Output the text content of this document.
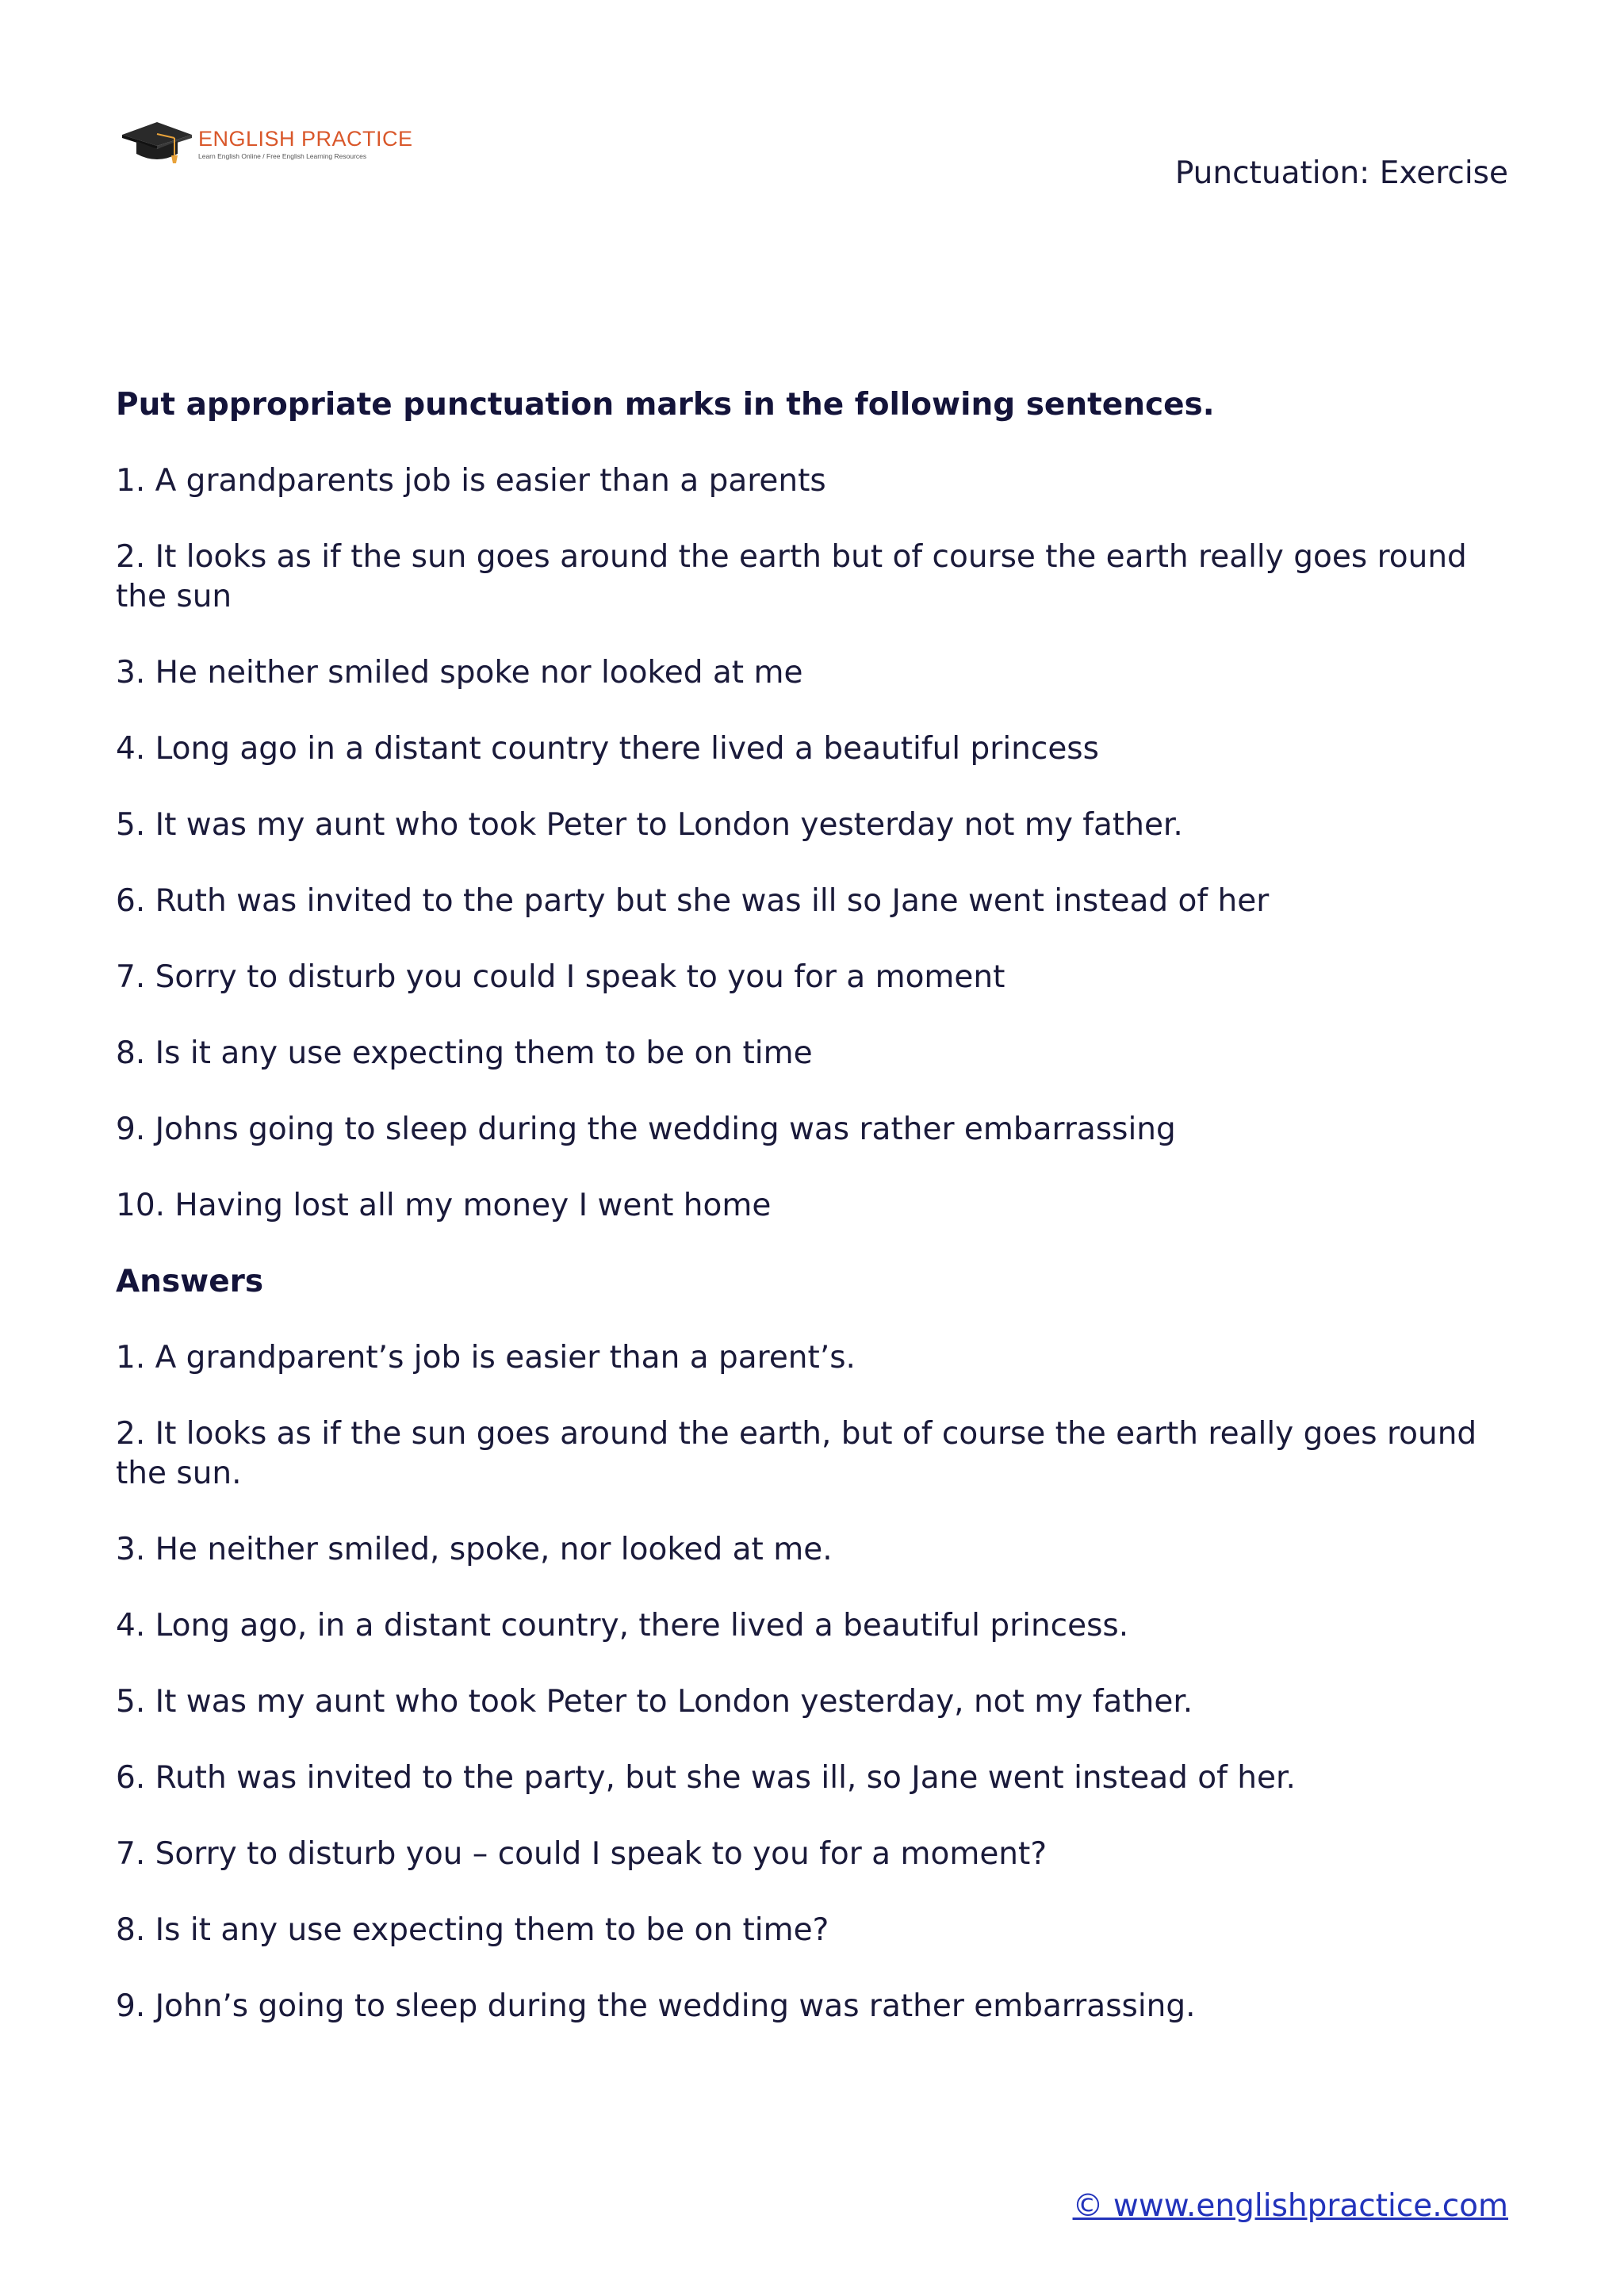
ENGLISH PRACTICE
Learn English Online / Free English Learning Resources	Punctuation: Exercise

Put appropriate punctuation marks in the following sentences.

1. A grandparents job is easier than a parents

2. It looks as if the sun goes around the earth but of course the earth really goes round the sun

3. He neither smiled spoke nor looked at me

4. Long ago in a distant country there lived a beautiful princess

5. It was my aunt who took Peter to London yesterday not my father.

6. Ruth was invited to the party but she was ill so Jane went instead of her

7. Sorry to disturb you could I speak to you for a moment

8. Is it any use expecting them to be on time

9. Johns going to sleep during the wedding was rather embarrassing

10. Having lost all my money I went home

Answers

1. A grandparent’s job is easier than a parent’s.

2. It looks as if the sun goes around the earth, but of course the earth really goes round the sun.

3. He neither smiled, spoke, nor looked at me.

4. Long ago, in a distant country, there lived a beautiful princess.

5. It was my aunt who took Peter to London yesterday, not my father.

6. Ruth was invited to the party, but she was ill, so Jane went instead of her.

7. Sorry to disturb you – could I speak to you for a moment?

8. Is it any use expecting them to be on time?

9. John’s going to sleep during the wedding was rather embarrassing.

© www.englishpractice.com
